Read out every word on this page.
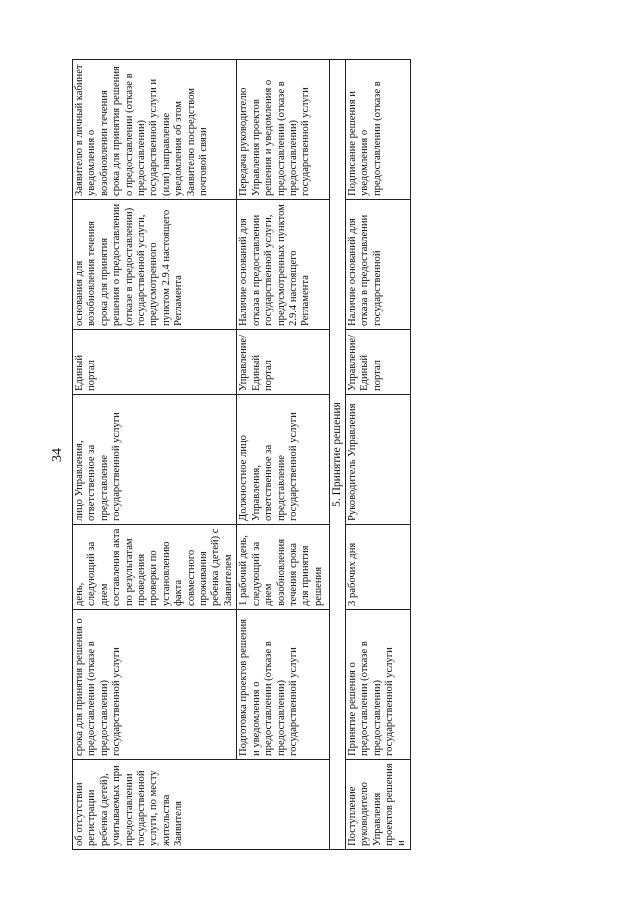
34
об отсутствии регистрации ребенка (детей), учитываемых при предоставлении государственной услуги, по месту жительства Заявителя	срока для принятия решения о предоставлении (отказе в предоставлении) государственной услуги	день, следующий за днем составления акта по результатам проведения проверки по установлению факта совместного проживания ребенка (детей) с Заявителем	лицо Управления, ответственное за представление государственной услуги	Единый портал	основания для возобновления течения срока для принятия решения о предоставлении (отказе в предоставлении) государственной услуги, предусмотренного пунктом 2.9.4 настоящего Регламента	Заявителю в личный кабинет уведомления о возобновлении течения срока для принятия решения о предоставлении (отказе в предоставлении) государственной услуги и (или) направление уведомления об этом Заявителю посредством почтовой связи
	Подготовка проектов решения и уведомления о предоставлении (отказе в предоставлении) государственной услуги	1 рабочий день, следующий за днем возобновления течения срока для принятия решения	Должностное лицо Управления, ответственное за представление государственной услуги	Управление/ Единый портал	Наличие оснований для отказа в предоставлении государственной услуги, предусмотренных пунктом 2.9.4 настоящего Регламента	Передача руководителю Управления проектов решения и уведомления о предоставлении (отказе в предоставлении) государственной услуги
5. Принятие решения						
Поступление руководителю Управления проектов решения и	Принятие решения о предоставлении (отказе в предоставлении) государственной услуги	3 рабочих дня	Руководитель Управления	Управление/ Единый портал	Наличие оснований для отказа в предоставлении государственной	Подписание решения и уведомления о предоставлении (отказе в
